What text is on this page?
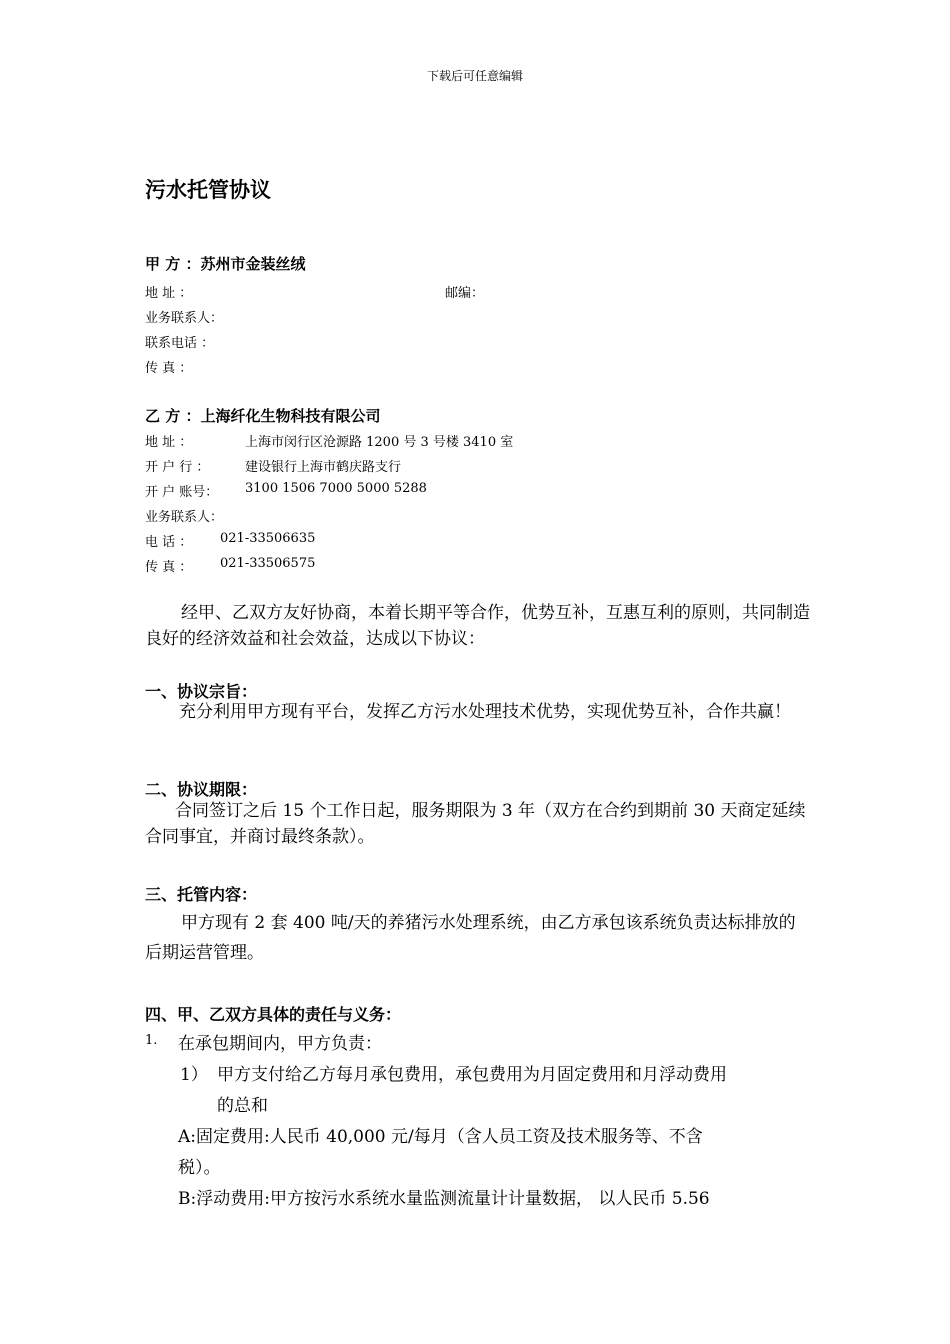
下载后可任意编辑
污水托管协议
甲 方 ：苏州市金装丝绒
地 址 ：	邮编：
业务联系人：
联系电话 ：
传 真 ：
乙 方 ：上海纤化生物科技有限公司
地 址 ：	上海市闵行区沧源路 1200 号 3 号楼 3410 室
开 户 行 ：	建设银行上海市鹤庆路支行
开 户 账号： 3100 1506 7000 5000 5288
业务联系人：
电 话 ： 021-33506635
传 真 ： 021-33506575
经甲、乙双方友好协商，本着长期平等合作，优势互补，互惠互利的原则，共同制造良好的经济效益和社会效益，达成以下协议：
一、协议宗旨：
充分利用甲方现有平台，发挥乙方污水处理技术优势，实现优势互补，合作共赢！
二、协议期限：
合同签订之后 15 个工作日起，服务期限为 3 年（双方在合约到期前 30 天商定延续合同事宜，并商讨最终条款）。
三、托管内容：
甲方现有 2 套 400 吨/天的养猪污水处理系统，由乙方承包该系统负责达标排放的后期运营管理。
四、甲、乙双方具体的责任与义务：
1. 在承包期间内，甲方负责：
1） 甲方支付给乙方每月承包费用，承包费用为月固定费用和月浮动费用
的总和
A:固定费用:人民币 40,000 元/每月（含人员工资及技术服务等、不含
税）。
B:浮动费用:甲方按污水系统水量监测流量计计量数据， 以人民币 5.56
